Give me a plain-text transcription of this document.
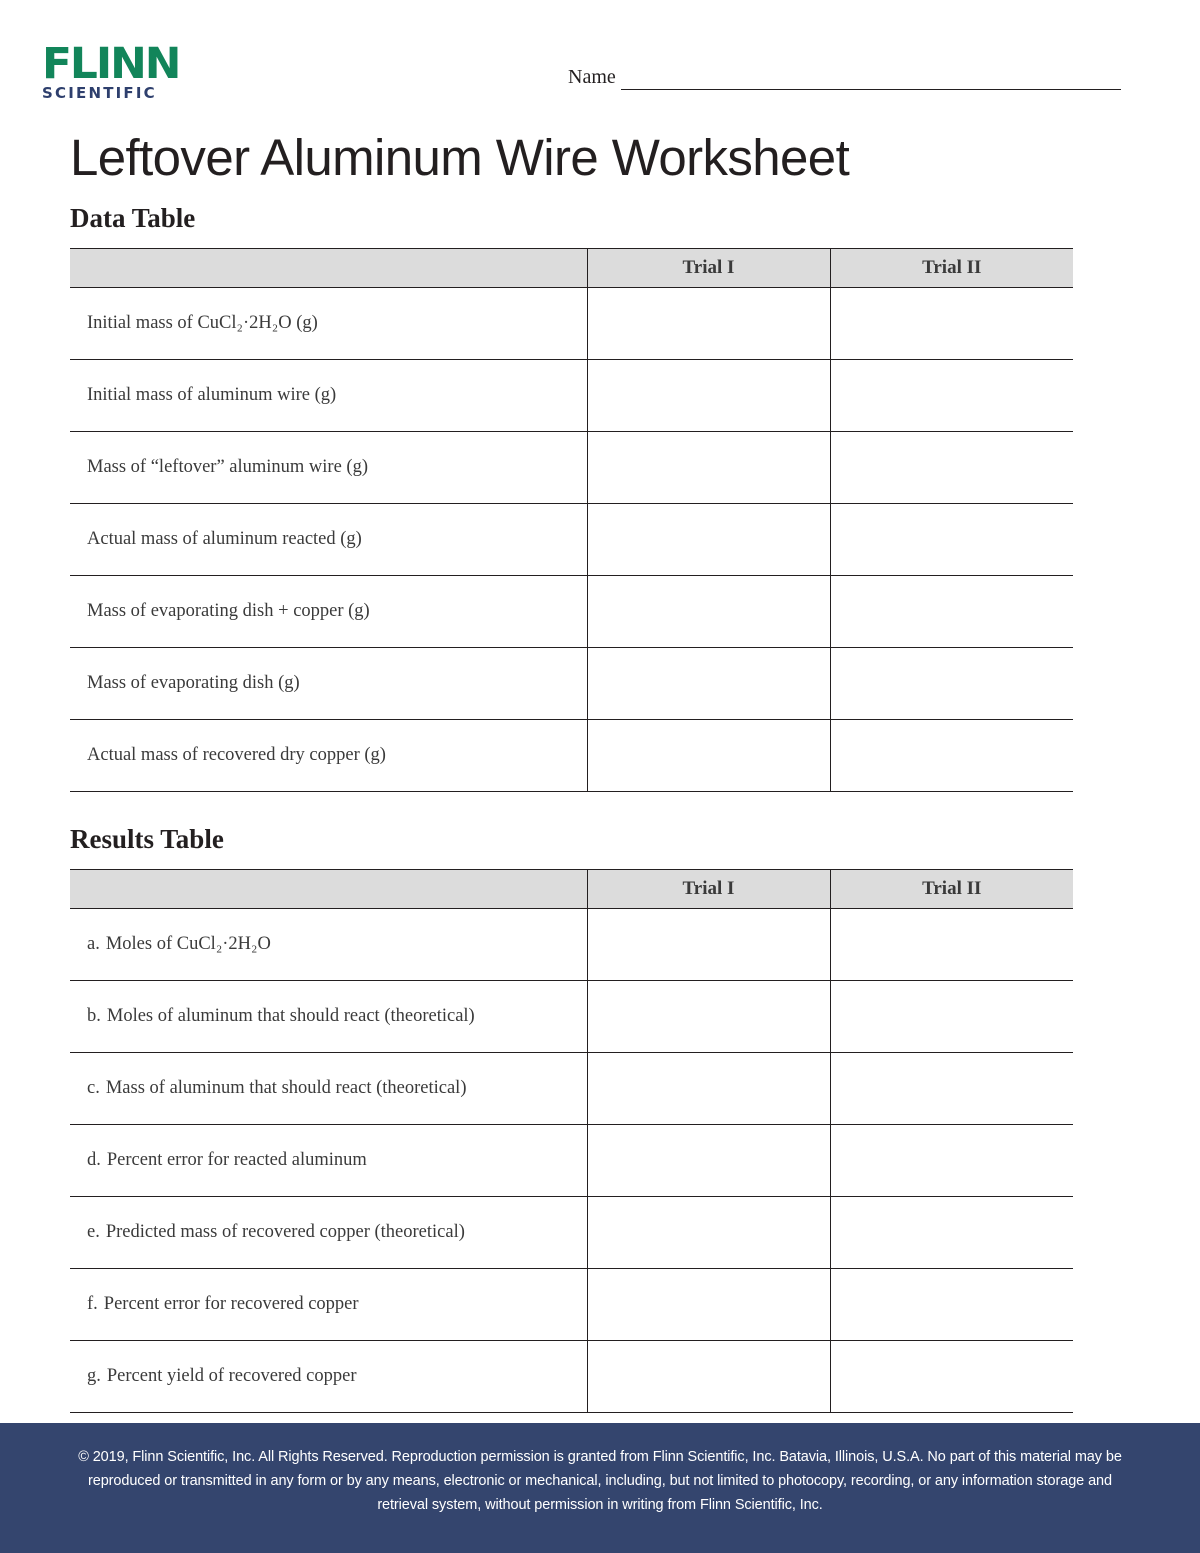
FLINN
SCIENTIFIC
Name
Leftover Aluminum Wire Worksheet
Data Table
	Trial I	Trial II
Initial mass of CuCl₂·2H₂O (g)		
Initial mass of aluminum wire (g)		
Mass of “leftover” aluminum wire (g)		
Actual mass of aluminum reacted (g)		
Mass of evaporating dish + copper (g)		
Mass of evaporating dish (g)		
Actual mass of recovered dry copper (g)		
Results Table
	Trial I	Trial II
a. Moles of CuCl₂·2H₂O		
b. Moles of aluminum that should react (theoretical)		
c. Mass of aluminum that should react (theoretical)		
d. Percent error for reacted aluminum		
e. Predicted mass of recovered copper (theoretical)		
f. Percent error for recovered copper		
g. Percent yield of recovered copper		

© 2019, Flinn Scientific, Inc. All Rights Reserved. Reproduction permission is granted from Flinn Scientific, Inc. Batavia, Illinois, U.S.A. No part of this material may be reproduced or transmitted in any form or by any means, electronic or mechanical, including, but not limited to photocopy, recording, or any information storage and retrieval system, without permission in writing from Flinn Scientific, Inc.
